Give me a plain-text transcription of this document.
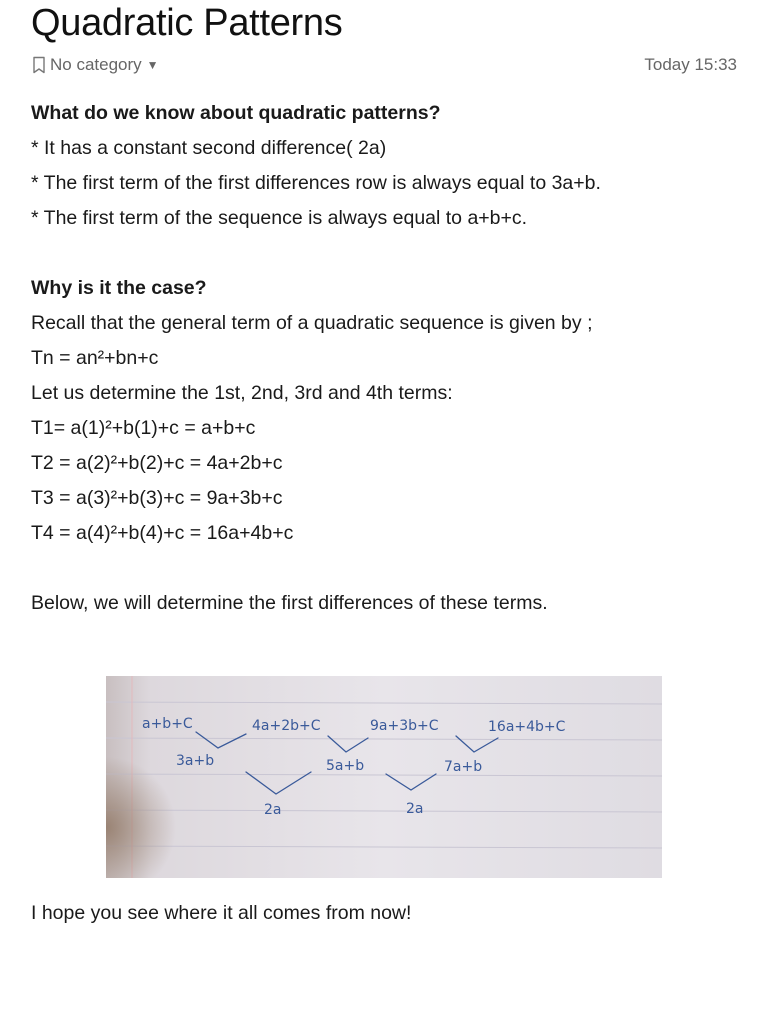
Quadratic Patterns
No category ▼	Today 15:33

What do we know about quadratic patterns?

* It has a constant second difference( 2a)

* The first term of the first differences row is always equal to 3a+b.

* The first term of the sequence is always equal to a+b+c.

Why is it the case?

Recall that the general term of a quadratic sequence is given by ;

Tn = an²+bn+c

Let us determine the 1st, 2nd, 3rd and 4th terms:

T1= a(1)²+b(1)+c = a+b+c

T2 = a(2)²+b(2)+c = 4a+2b+c

T3 = a(3)²+b(3)+c = 9a+3b+c

T4 = a(4)²+b(4)+c = 16a+4b+c

Below, we will determine the first differences of these terms.

a+b+C	4a+2b+C	9a+3b+C	16a+4b+C
3a+b	5a+b	7a+b
2a	2a
I hope you see where it all comes from now!
